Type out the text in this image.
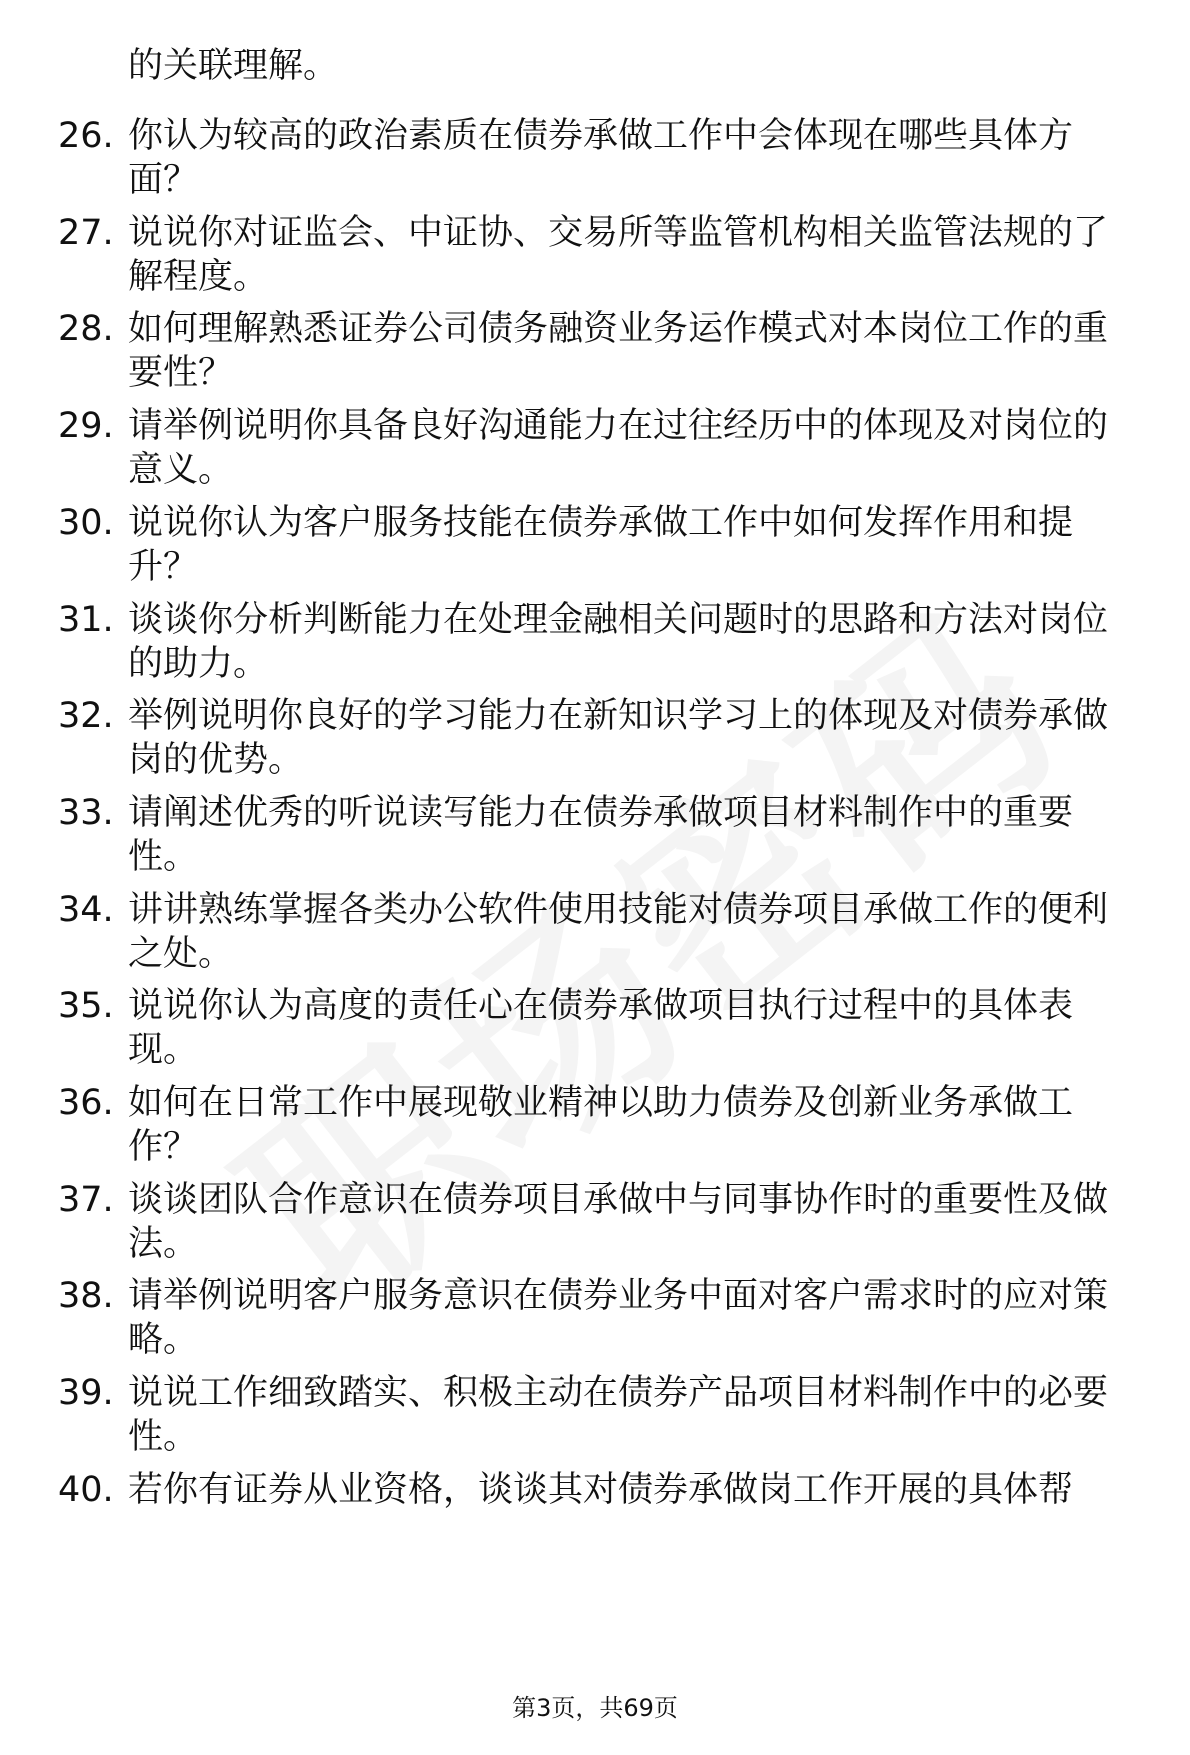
的关联理解。
26. 你认为较高的政治素质在债券承做工作中会体现在哪些具体方
面？
27. 说说你对证监会、中证协、交易所等监管机构相关监管法规的了
解程度。
28. 如何理解熟悉证券公司债务融资业务运作模式对本岗位工作的重
要性？
29. 请举例说明你具备良好沟通能力在过往经历中的体现及对岗位的
意义。
30. 说说你认为客户服务技能在债券承做工作中如何发挥作用和提
升？
31. 谈谈你分析判断能力在处理金融相关问题时的思路和方法对岗位
的助力。
32. 举例说明你良好的学习能力在新知识学习上的体现及对债券承做
岗的优势。
33. 请阐述优秀的听说读写能力在债券承做项目材料制作中的重要
性。
34. 讲讲熟练掌握各类办公软件使用技能对债券项目承做工作的便利
之处。
35. 说说你认为高度的责任心在债券承做项目执行过程中的具体表
现。
36. 如何在日常工作中展现敬业精神以助力债券及创新业务承做工
作？
37. 谈谈团队合作意识在债券项目承做中与同事协作时的重要性及做
法。
38. 请举例说明客户服务意识在债券业务中面对客户需求时的应对策
略。
39. 说说工作细致踏实、积极主动在债券产品项目材料制作中的必要
性。
40. 若你有证券从业资格，谈谈其对债券承做岗工作开展的具体帮
第3页，共69页
